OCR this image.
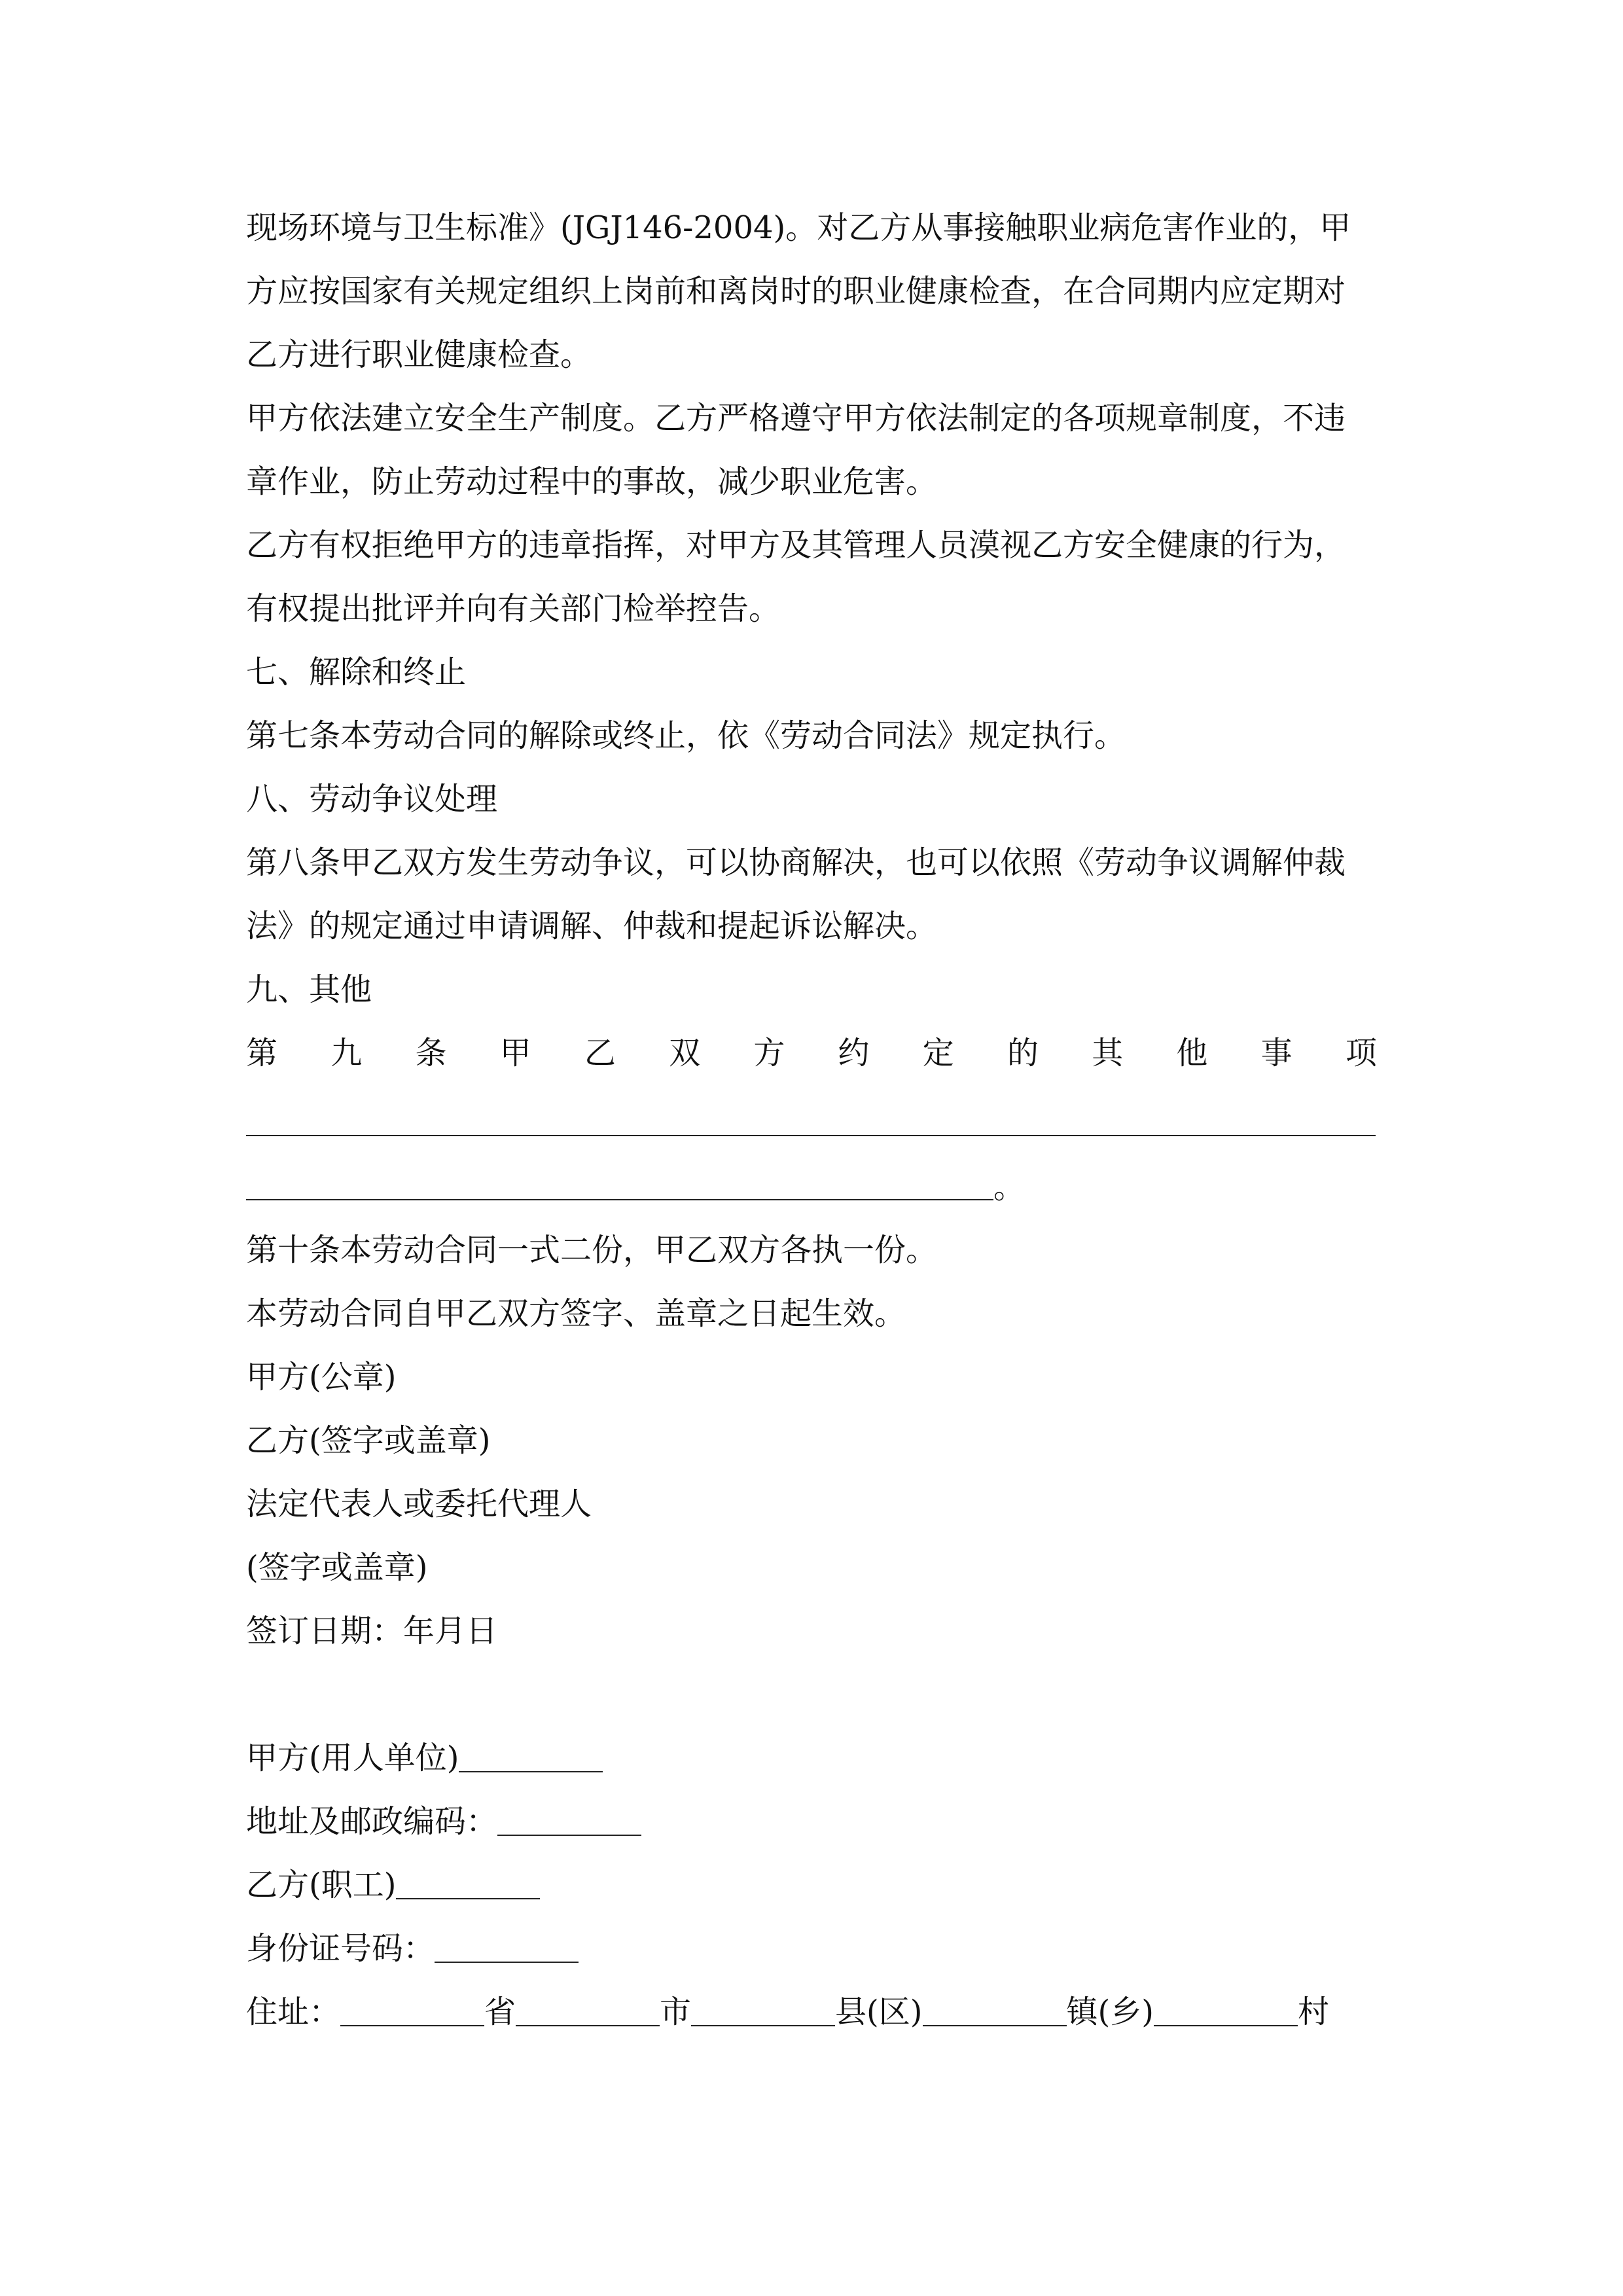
现场环境与卫生标准》(JGJ146-2004)。对乙方从事接触职业病危害作业的，甲
方应按国家有关规定组织上岗前和离岗时的职业健康检查，在合同期内应定期对
乙方进行职业健康检查。
甲方依法建立安全生产制度。乙方严格遵守甲方依法制定的各项规章制度，不违
章作业，防止劳动过程中的事故，减少职业危害。
乙方有权拒绝甲方的违章指挥，对甲方及其管理人员漠视乙方安全健康的行为，
有权提出批评并向有关部门检举控告。
七、解除和终止
第七条本劳动合同的解除或终止，依《劳动合同法》规定执行。
八、劳动争议处理
第八条甲乙双方发生劳动争议，可以协商解决，也可以依照《劳动争议调解仲裁
法》的规定通过申请调解、仲裁和提起诉讼解决。
九、其他
第 九 条 甲 乙 双 方 约 定 的 其 他 事 项
。
第十条本劳动合同一式二份，甲乙双方各执一份。
本劳动合同自甲乙双方签字、盖章之日起生效。
甲方(公章)
乙方(签字或盖章)
法定代表人或委托代理人
(签字或盖章)
签订日期：年月日
甲方(用人单位)
地址及邮政编码：
乙方(职工)
身份证号码：
住址：	省	市	县(区)	镇(乡)	村
